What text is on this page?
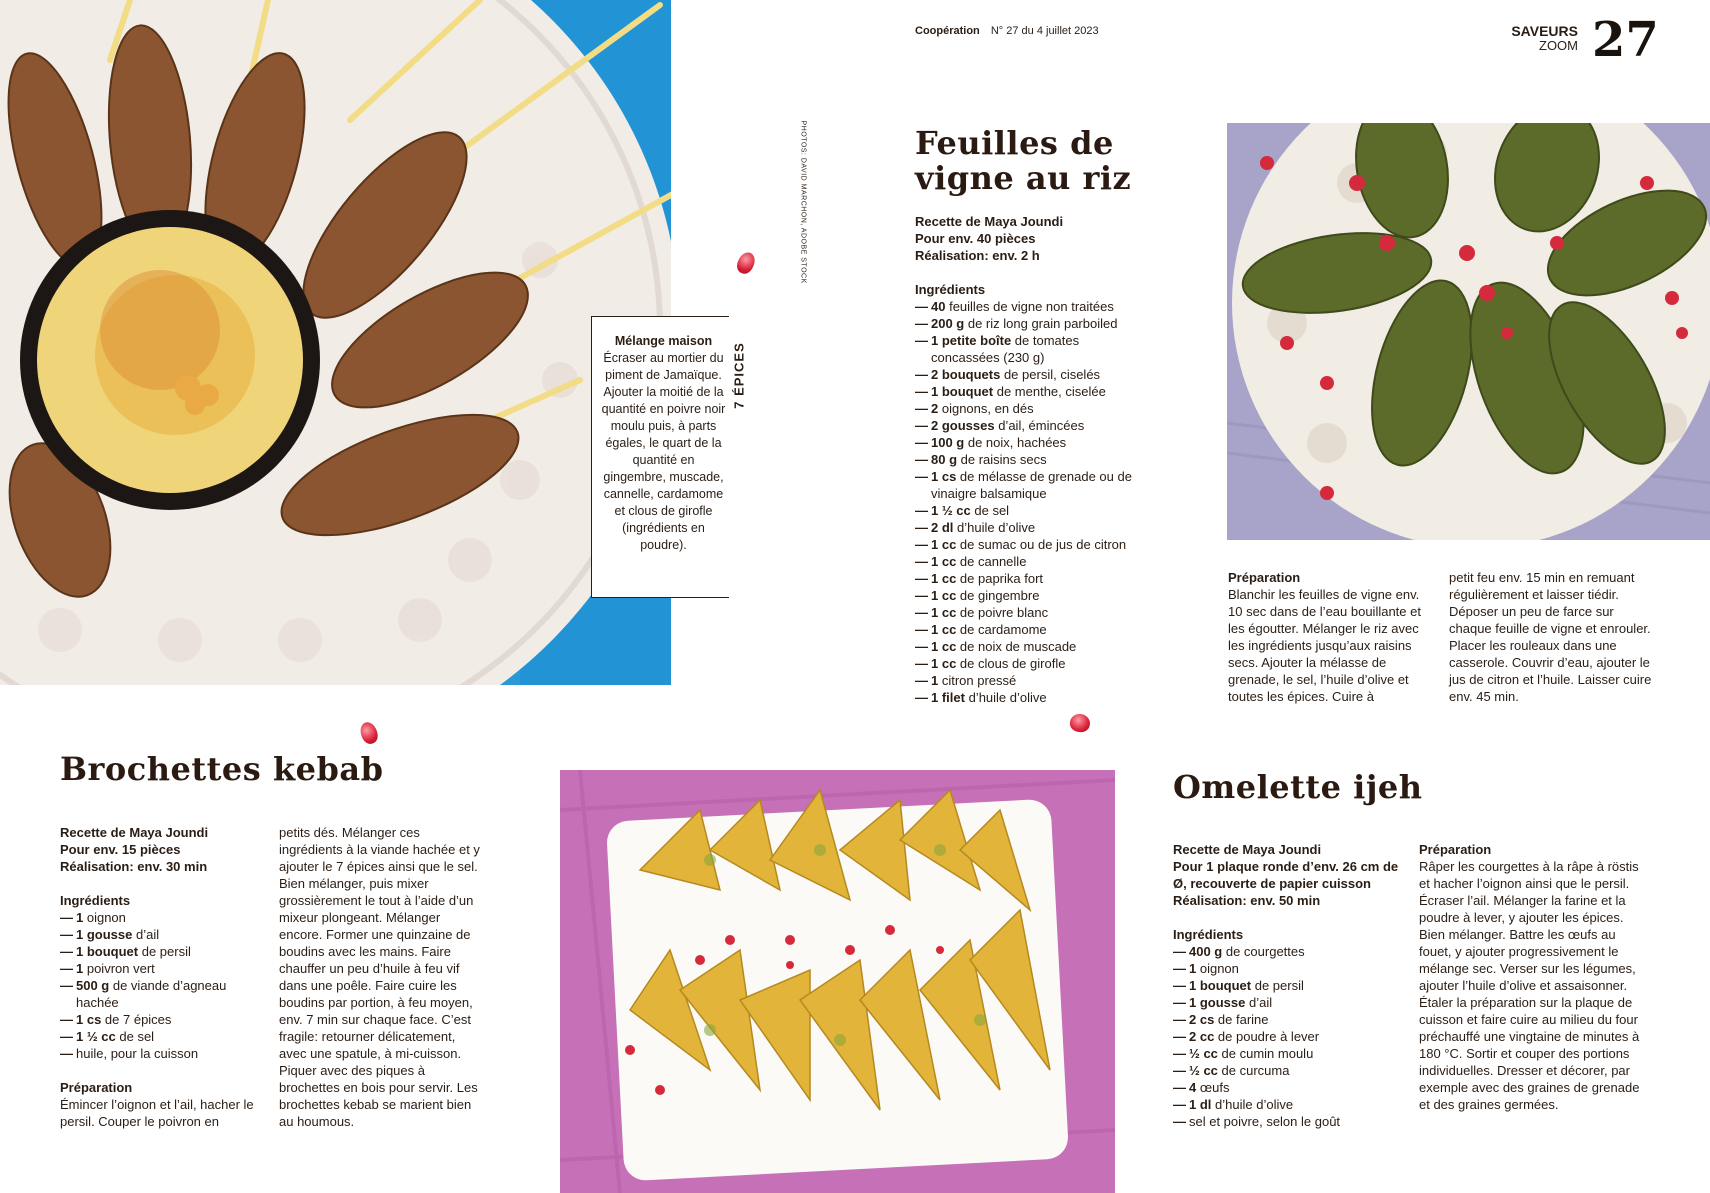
Coopération N° 27 du 4 juillet 2023	SAVEURS
ZOOM 27
Mélange maison
Écraser au mortier du piment de Jamaïque. Ajouter la moitié de la quantité en poivre noir moulu puis, à parts égales, le quart de la quantité en gingembre, muscade, cannelle, cardamome et clous de girofle (ingrédients en poudre).
7 ÉPICES
PHOTOS: DAVID MARCHON, ADOBE STOCK	Feuilles de
vigne au riz
Recette de Maya Joundi
Pour env. 40 pièces
Réalisation: env. 2 h
Ingrédients
— 40 feuilles de vigne non traitées
— 200 g de riz long grain parboiled
— 1 petite boîte de tomates concassées (230 g)
— 2 bouquets de persil, ciselés
— 1 bouquet de menthe, ciselée
— 2 oignons, en dés
— 2 gousses d’ail, émincées
— 100 g de noix, hachées
— 80 g de raisins secs
— 1 cs de mélasse de grenade ou de vinaigre balsamique
— 1 ½ cc de sel
— 2 dl d’huile d’olive
— 1 cc de sumac ou de jus de citron
— 1 cc de cannelle
— 1 cc de paprika fort
— 1 cc de gingembre
— 1 cc de poivre blanc
— 1 cc de cardamome
— 1 cc de noix de muscade
— 1 cc de clous de girofle
— 1 citron pressé
— 1 filet d’huile d’olive
Préparation
Blanchir les feuilles de vigne env. 10 sec dans de l’eau bouillante et les égoutter. Mélanger le riz avec les ingrédients jusqu’aux raisins secs. Ajouter la mélasse de grenade, le sel, l’huile d’olive et toutes les épices. Cuire à
petit feu env. 15 min en remuant régulièrement et laisser tiédir. Déposer un peu de farce sur chaque feuille de vigne et enrouler. Placer les rouleaux dans une casserole. Couvrir d’eau, ajouter le jus de citron et l’huile. Laisser cuire env. 45 min.
Brochettes kebab
Recette de Maya Joundi
Pour env. 15 pièces
Réalisation: env. 30 min
Ingrédients
— 1 oignon
— 1 gousse d’ail
— 1 bouquet de persil
— 1 poivron vert
— 500 g de viande d’agneau hachée
— 1 cs de 7 épices
— 1 ½ cc de sel
— huile, pour la cuisson
Préparation
Émincer l’oignon et l’ail, hacher le persil. Couper le poivron en
petits dés. Mélanger ces ingrédients à la viande hachée et y ajouter le 7 épices ainsi que le sel. Bien mélanger, puis mixer grossièrement le tout à l’aide d’un mixeur plongeant. Mélanger encore. Former une quinzaine de boudins avec les mains. Faire chauffer un peu d’huile à feu vif dans une poêle. Faire cuire les boudins par portion, à feu moyen, env. 7 min sur chaque face. C’est fragile: retourner délicatement, avec une spatule, à mi-cuisson. Piquer avec des piques à brochettes en bois pour servir. Les brochettes kebab se marient bien au houmous.
Omelette ijeh
Recette de Maya Joundi
Pour 1 plaque ronde d’env. 26 cm de Ø, recouverte de papier cuisson
Réalisation: env. 50 min
Ingrédients
— 400 g de courgettes
— 1 oignon
— 1 bouquet de persil
— 1 gousse d’ail
— 2 cs de farine
— 2 cc de poudre à lever
— ½ cc de cumin moulu
— ½ cc de curcuma
— 4 œufs
— 1 dl d’huile d’olive
— sel et poivre, selon le goût
Préparation
Râper les courgettes à la râpe à röstis et hacher l’oignon ainsi que le persil. Écraser l’ail. Mélanger la farine et la poudre à lever, y ajouter les épices. Bien mélanger. Battre les œufs au fouet, y ajouter progressivement le mélange sec. Verser sur les légumes, ajouter l’huile d’olive et assaisonner. Étaler la préparation sur la plaque de cuisson et faire cuire au milieu du four préchauffé une vingtaine de minutes à 180 °C. Sortir et couper des portions individuelles. Dresser et décorer, par exemple avec des graines de grenade et des graines germées.
